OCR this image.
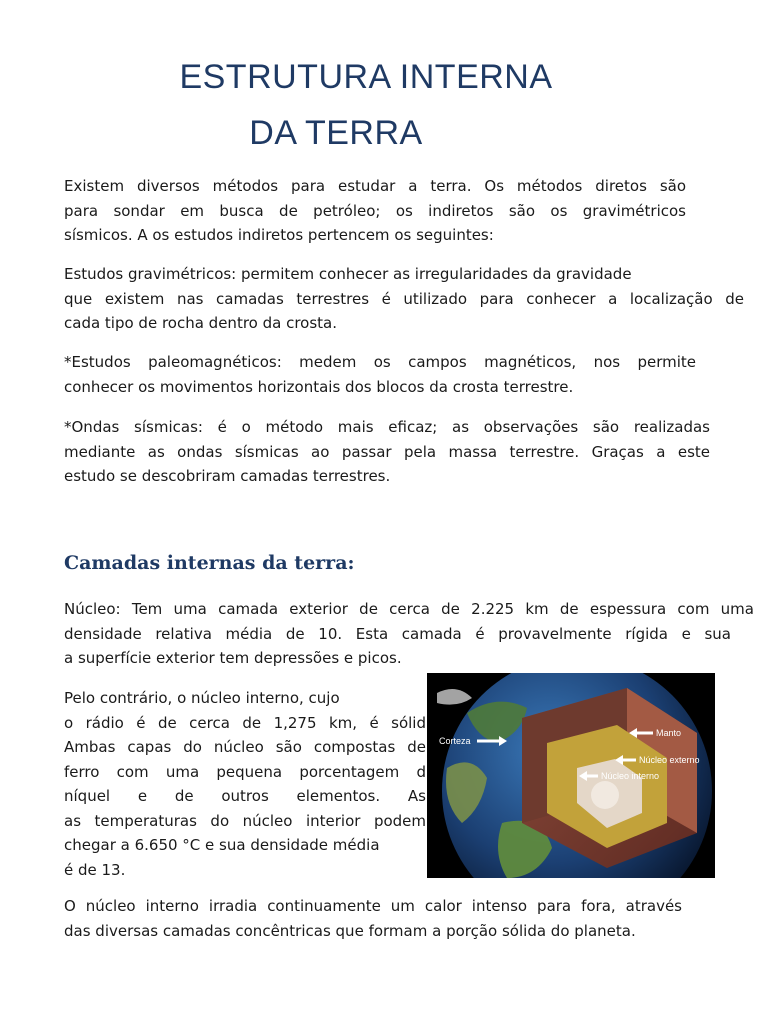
ESTRUTURA INTERNA
DA TERRA
Existem diversos métodos para estudar a terra. Os métodos diretos são
para sondar em busca de petróleo; os indiretos são os gravimétricos
sísmicos. A os estudos indiretos pertencem os seguintes:
Estudos gravimétricos: permitem conhecer as irregularidades da gravidade
que existem nas camadas terrestres é utilizado para conhecer a localização de
cada tipo de rocha dentro da crosta.
*Estudos paleomagnéticos: medem os campos magnéticos, nos permite
conhecer os movimentos horizontais dos blocos da crosta terrestre.
*Ondas sísmicas: é o método mais eficaz; as observações são realizadas
mediante as ondas sísmicas ao passar pela massa terrestre. Graças a este
estudo se descobriram camadas terrestres.
Camadas internas da terra:
Núcleo: Tem uma camada exterior de cerca de 2.225 km de espessura com uma
densidade relativa média de 10. Esta camada é provavelmente rígida e sua
a superfície exterior tem depressões e picos.
Pelo contrário, o núcleo interno, cujo
o rádio é de cerca de 1,275 km, é sólid
Ambas capas do núcleo são compostas de
ferro com uma pequena porcentagem d
níquel e de outros elementos. As
as temperaturas do núcleo interior podem
chegar a 6.650 °C e sua densidade média
é de 13.
Corteza
Manto
Núcleo externo
Núcleo interno
O núcleo interno irradia continuamente um calor intenso para fora, através
das diversas camadas concêntricas que formam a porção sólida do planeta.
